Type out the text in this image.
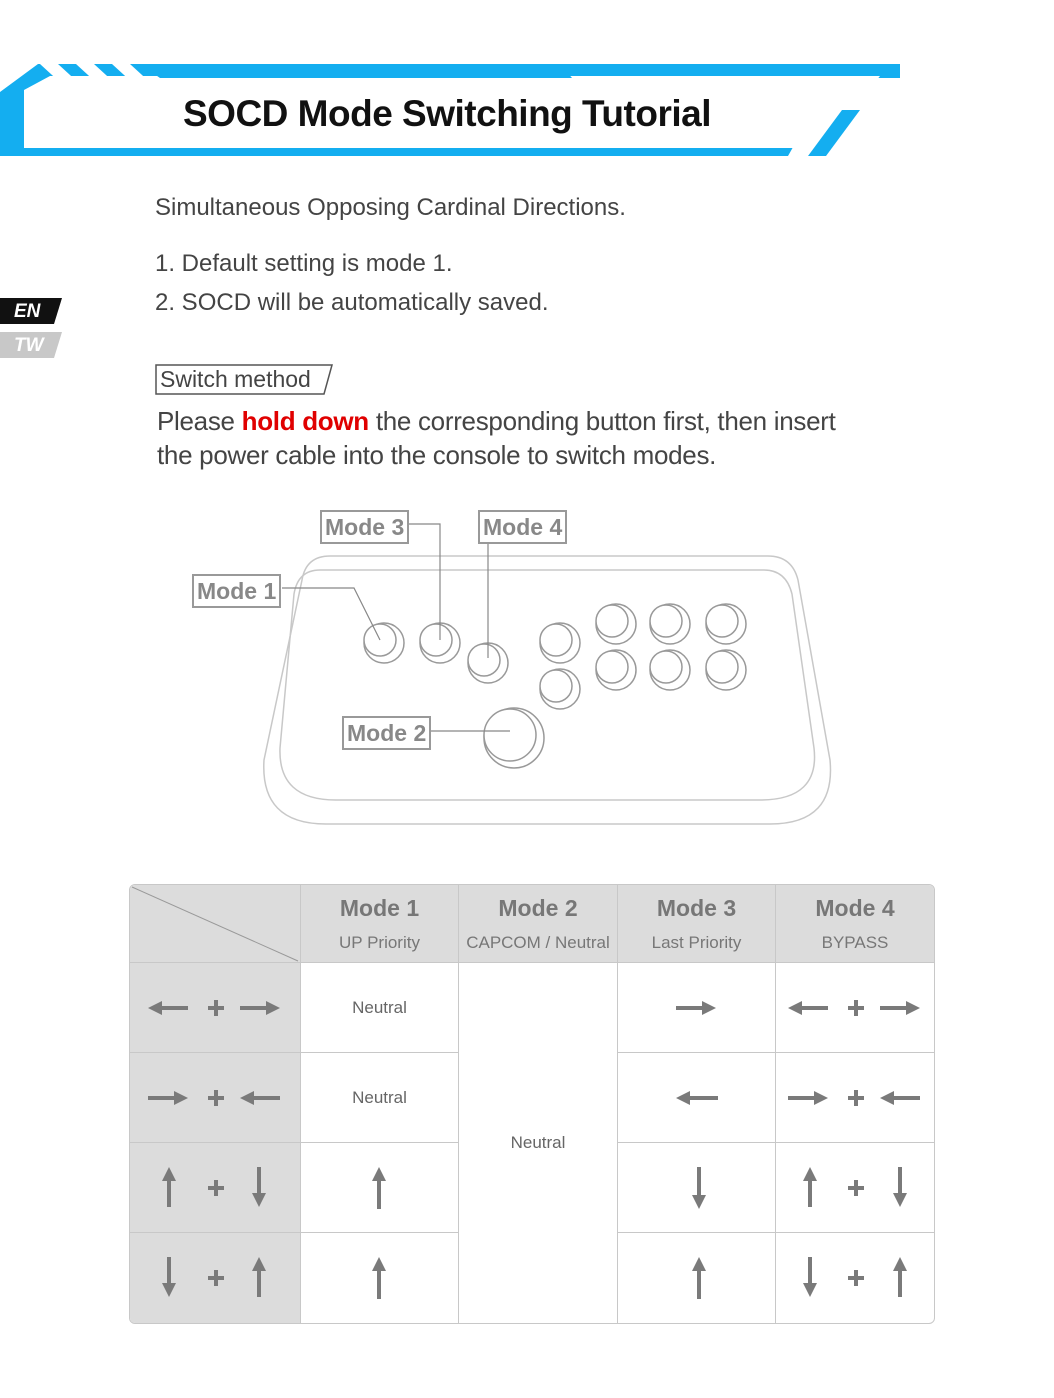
SOCD Mode Switching Tutorial
EN
TW
Simultaneous Opposing Cardinal Directions.
1. Default setting is mode 1.
2. SOCD will be automatically saved.
Switch method
Please hold down the corresponding button first, then insert
the power cable into the console to switch modes.
Mode 1
Mode 3	Mode 4
Mode 2
Mode 1
UP Priority
Mode 2
CAPCOM / Neutral
Mode 3
Last Priority
Mode 4
BYPASS
Neutral
Neutral
Neutral
